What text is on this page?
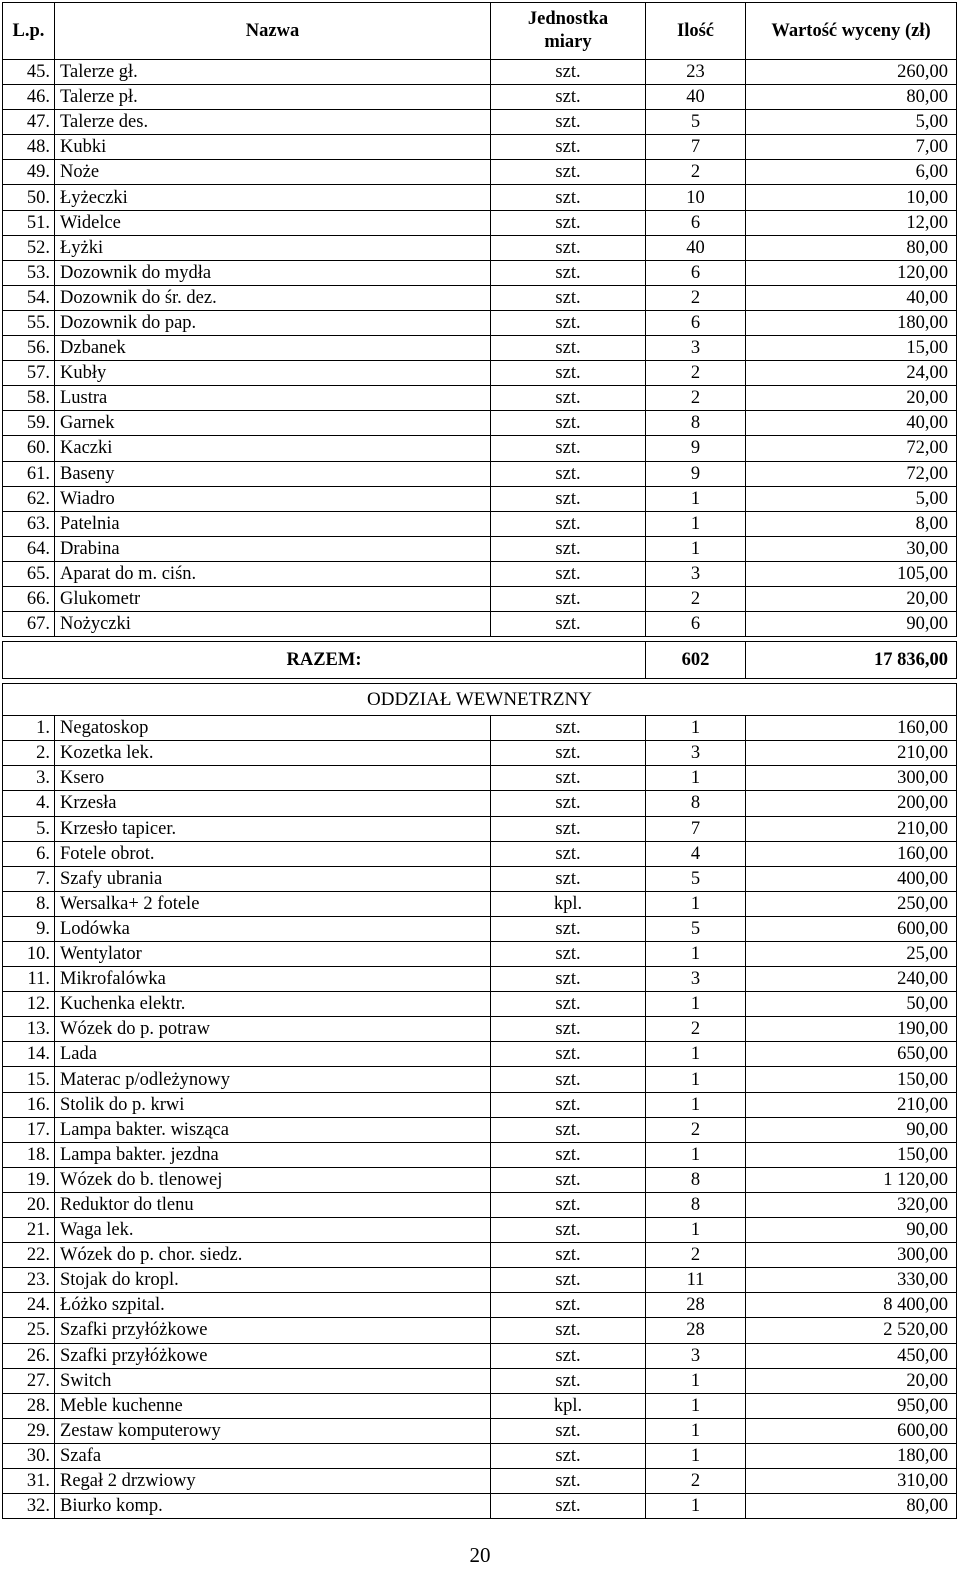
L.p.	Nazwa	Jednostka miary	Ilość	Wartość wyceny (zł)
45.	Talerze gł.	szt.	23	260,00
46.	Talerze pł.	szt.	40	80,00
47.	Talerze des.	szt.	5	5,00
48.	Kubki	szt.	7	7,00
49.	Noże	szt.	2	6,00
50.	Łyżeczki	szt.	10	10,00
51.	Widelce	szt.	6	12,00
52.	Łyżki	szt.	40	80,00
53.	Dozownik do mydła	szt.	6	120,00
54.	Dozownik do śr. dez.	szt.	2	40,00
55.	Dozownik do pap.	szt.	6	180,00
56.	Dzbanek	szt.	3	15,00
57.	Kubły	szt.	2	24,00
58.	Lustra	szt.	2	20,00
59.	Garnek	szt.	8	40,00
60.	Kaczki	szt.	9	72,00
61.	Baseny	szt.	9	72,00
62.	Wiadro	szt.	1	5,00
63.	Patelnia	szt.	1	8,00
64.	Drabina	szt.	1	30,00
65.	Aparat do m. ciśn.	szt.	3	105,00
66.	Glukometr	szt.	2	20,00
67.	Nożyczki	szt.	6	90,00

RAZEM:			602	17 836,00

ODDZIAŁ WEWNETRZNY				
1.	Negatoskop	szt.	1	160,00
2.	Kozetka lek.	szt.	3	210,00
3.	Ksero	szt.	1	300,00
4.	Krzesła	szt.	8	200,00
5.	Krzesło tapicer.	szt.	7	210,00
6.	Fotele obrot.	szt.	4	160,00
7.	Szafy ubrania	szt.	5	400,00
8.	Wersalka+ 2 fotele	kpl.	1	250,00
9.	Lodówka	szt.	5	600,00
10.	Wentylator	szt.	1	25,00
11.	Mikrofalówka	szt.	3	240,00
12.	Kuchenka elektr.	szt.	1	50,00
13.	Wózek do p. potraw	szt.	2	190,00
14.	Lada	szt.	1	650,00
15.	Materac p/odleżynowy	szt.	1	150,00
16.	Stolik do p. krwi	szt.	1	210,00
17.	Lampa bakter. wisząca	szt.	2	90,00
18.	Lampa bakter. jezdna	szt.	1	150,00
19.	Wózek do b. tlenowej	szt.	8	1 120,00
20.	Reduktor do tlenu	szt.	8	320,00
21.	Waga lek.	szt.	1	90,00
22.	Wózek do p. chor. siedz.	szt.	2	300,00
23.	Stojak do kropl.	szt.	11	330,00
24.	Łóżko szpital.	szt.	28	8 400,00
25.	Szafki przyłóżkowe	szt.	28	2 520,00
26.	Szafki przyłóżkowe	szt.	3	450,00
27.	Switch	szt.	1	20,00
28.	Meble kuchenne	kpl.	1	950,00
29.	Zestaw komputerowy	szt.	1	600,00
30.	Szafa	szt.	1	180,00
31.	Regał 2 drzwiowy	szt.	2	310,00
32.	Biurko komp.	szt.	1	80,00
20
